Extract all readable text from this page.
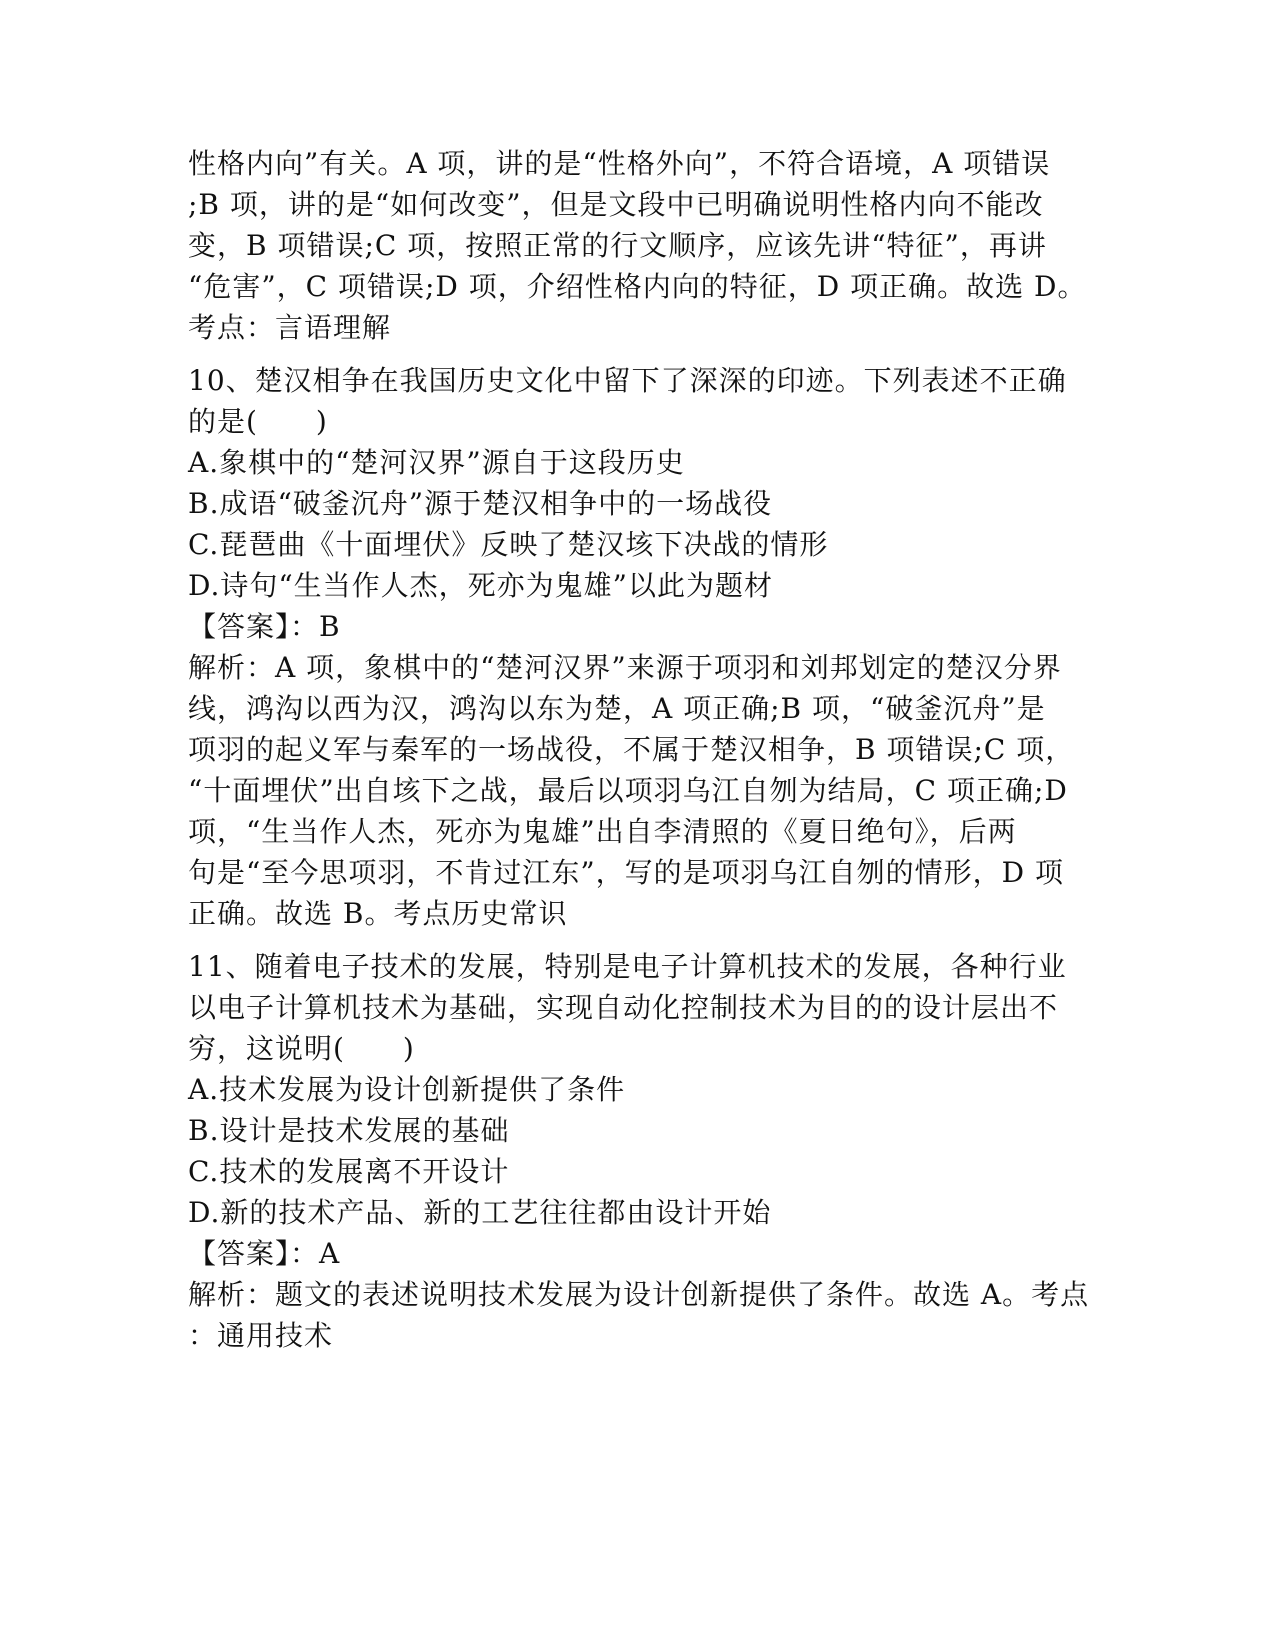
性格内向”有关。A 项，讲的是“性格外向”，不符合语境，A 项错误
;B 项，讲的是“如何改变”，但是文段中已明确说明性格内向不能改
变，B 项错误;C 项，按照正常的行文顺序，应该先讲“特征”，再讲
“危害”，C 项错误;D 项，介绍性格内向的特征，D 项正确。故选 D。
考点：言语理解
10、楚汉相争在我国历史文化中留下了深深的印迹。下列表述不正确
的是(　　)
A.象棋中的“楚河汉界”源自于这段历史
B.成语“破釜沉舟”源于楚汉相争中的一场战役
C.琵琶曲《十面埋伏》反映了楚汉垓下决战的情形
D.诗句“生当作人杰，死亦为鬼雄”以此为题材
【答案】：B
解析：A 项，象棋中的“楚河汉界”来源于项羽和刘邦划定的楚汉分界
线，鸿沟以西为汉，鸿沟以东为楚，A 项正确;B 项，“破釜沉舟”是
项羽的起义军与秦军的一场战役，不属于楚汉相争，B 项错误;C 项，
“十面埋伏”出自垓下之战，最后以项羽乌江自刎为结局，C 项正确;D
项，“生当作人杰，死亦为鬼雄”出自李清照的《夏日绝句》，后两
句是“至今思项羽，不肯过江东”，写的是项羽乌江自刎的情形，D 项
正确。故选 B。考点历史常识
11、随着电子技术的发展，特别是电子计算机技术的发展，各种行业
以电子计算机技术为基础，实现自动化控制技术为目的的设计层出不
穷，这说明(　　)
A.技术发展为设计创新提供了条件
B.设计是技术发展的基础
C.技术的发展离不开设计
D.新的技术产品、新的工艺往往都由设计开始
【答案】：A
解析：题文的表述说明技术发展为设计创新提供了条件。故选 A。考点
：通用技术
